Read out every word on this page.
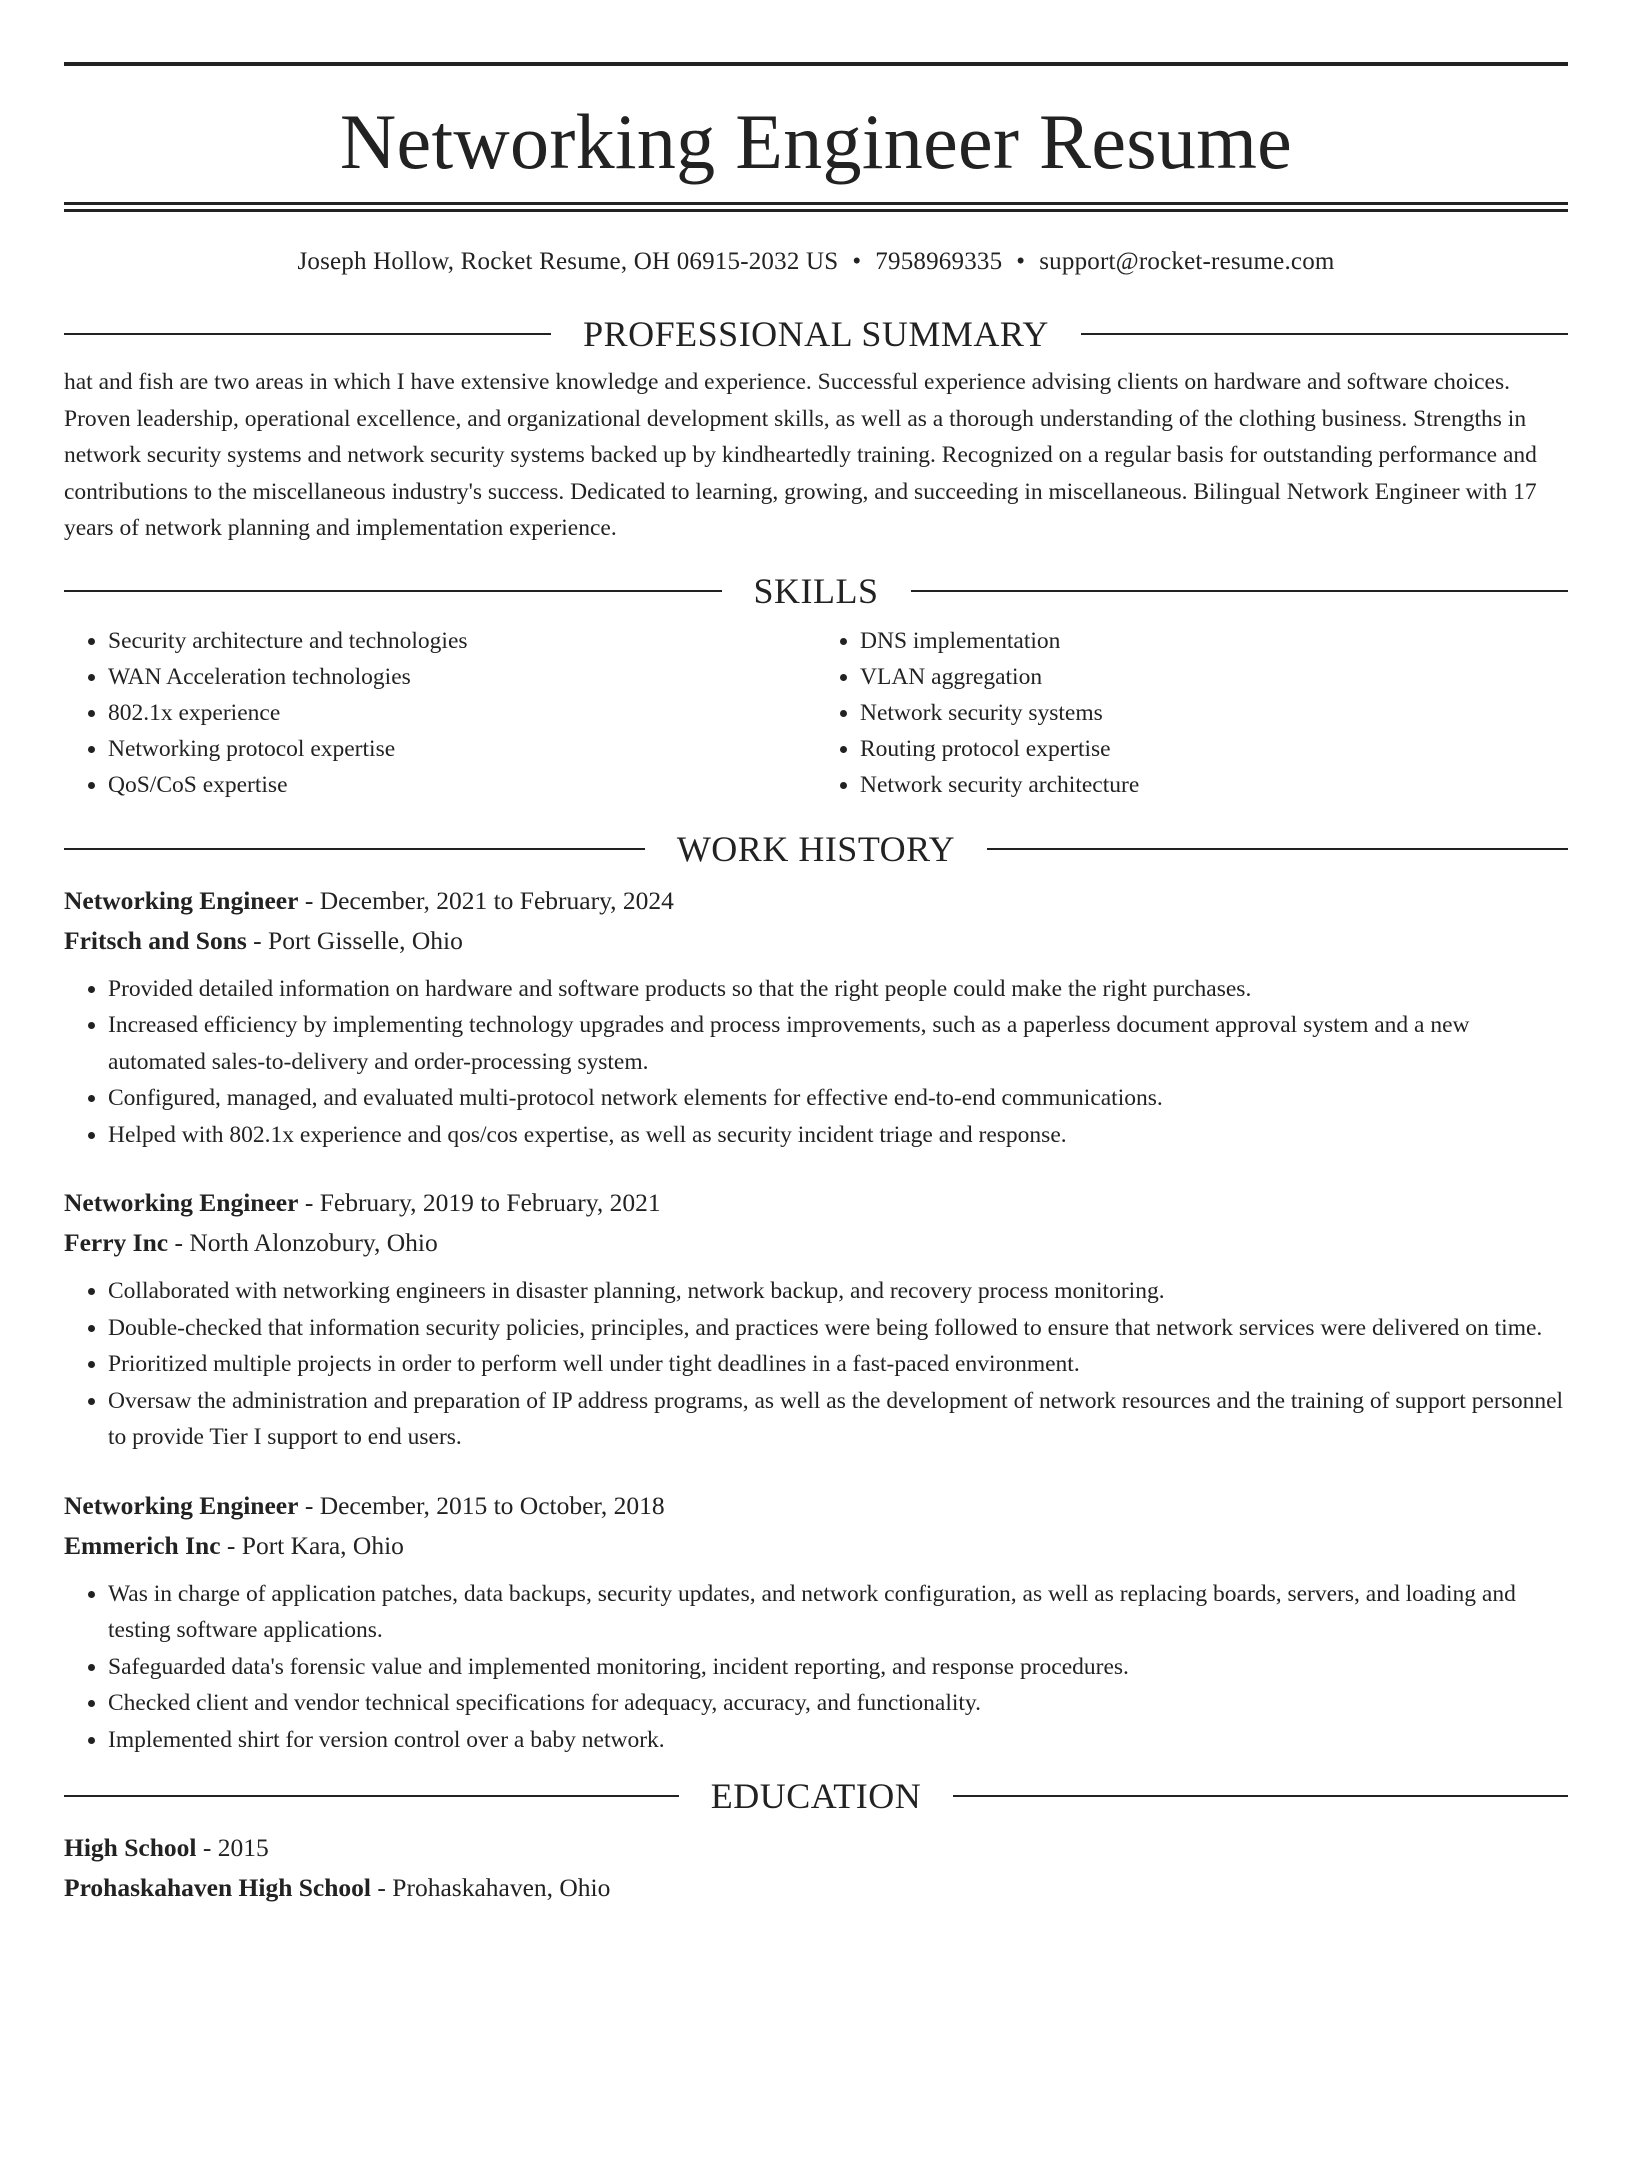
Networking Engineer Resume
Joseph Hollow, Rocket Resume, OH 06915-2032 US • 7958969335 • support@rocket-resume.com
PROFESSIONAL SUMMARY
hat and fish are two areas in which I have extensive knowledge and experience. Successful experience advising clients on hardware and software choices. Proven leadership, operational excellence, and organizational development skills, as well as a thorough understanding of the clothing business. Strengths in network security systems and network security systems backed up by kindheartedly training. Recognized on a regular basis for outstanding performance and contributions to the miscellaneous industry's success. Dedicated to learning, growing, and succeeding in miscellaneous. Bilingual Network Engineer with 17 years of network planning and implementation experience.
SKILLS
• Security architecture and technologies
• WAN Acceleration technologies
• 802.1x experience
• Networking protocol expertise
• QoS/CoS expertise
• DNS implementation
• VLAN aggregation
• Network security systems
• Routing protocol expertise
• Network security architecture
WORK HISTORY
Networking Engineer - December, 2021 to February, 2024
Fritsch and Sons - Port Gisselle, Ohio
• Provided detailed information on hardware and software products so that the right people could make the right purchases.
• Increased efficiency by implementing technology upgrades and process improvements, such as a paperless document approval system and a new automated sales-to-delivery and order-processing system.
• Configured, managed, and evaluated multi-protocol network elements for effective end-to-end communications.
• Helped with 802.1x experience and qos/cos expertise, as well as security incident triage and response.
Networking Engineer - February, 2019 to February, 2021
Ferry Inc - North Alonzobury, Ohio
• Collaborated with networking engineers in disaster planning, network backup, and recovery process monitoring.
• Double-checked that information security policies, principles, and practices were being followed to ensure that network services were delivered on time.
• Prioritized multiple projects in order to perform well under tight deadlines in a fast-paced environment.
• Oversaw the administration and preparation of IP address programs, as well as the development of network resources and the training of support personnel to provide Tier I support to end users.
Networking Engineer - December, 2015 to October, 2018
Emmerich Inc - Port Kara, Ohio
• Was in charge of application patches, data backups, security updates, and network configuration, as well as replacing boards, servers, and loading and testing software applications.
• Safeguarded data's forensic value and implemented monitoring, incident reporting, and response procedures.
• Checked client and vendor technical specifications for adequacy, accuracy, and functionality.
• Implemented shirt for version control over a baby network.
EDUCATION
High School - 2015
Prohaskahaven High School - Prohaskahaven, Ohio
